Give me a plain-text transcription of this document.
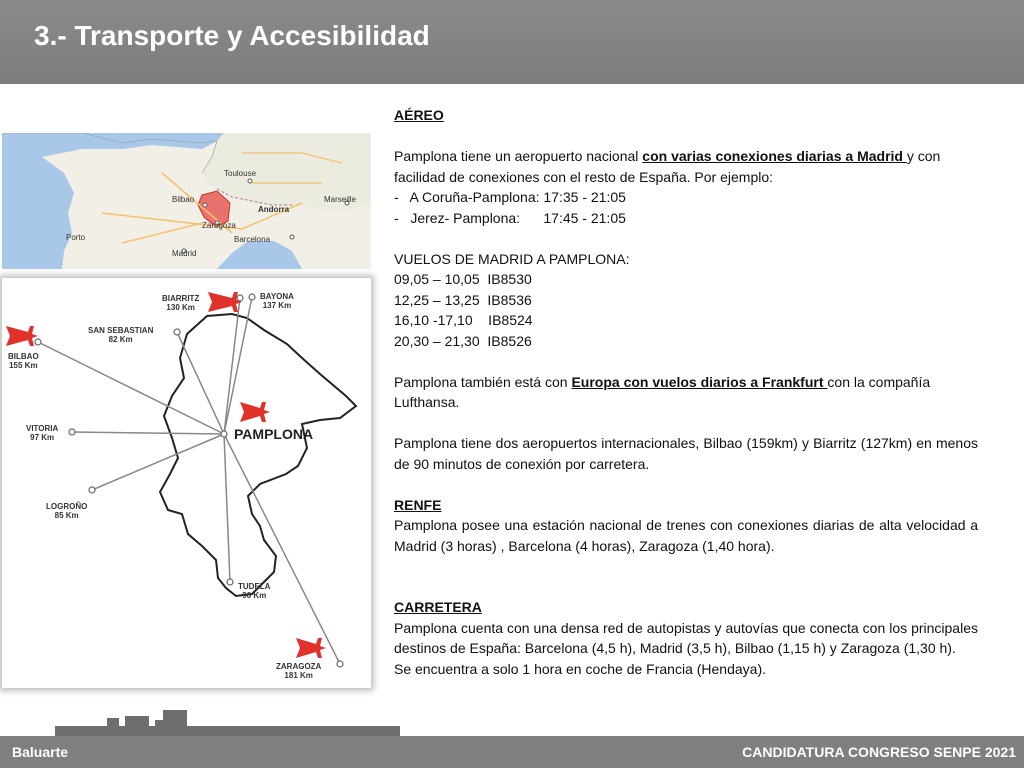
3.- Transporte y Accesibilidad
Toulouse
Bilbao
Andorra
Marseille
Porto
Zaragoza
Barcelona
Madrid
BIARRITZ
130 Km
BAYONA
137 Km
SAN SEBASTIAN
82 Km
BILBAO
155 Km
VITORIA
97 Km
LOGROÑO
85 Km
TUDELA
96 Km
ZARAGOZA
181 Km
PAMPLONA

AÉREO

Pamplona tiene un aeropuerto nacional con varias conexiones diarias a Madrid y con facilidad de conexiones con el resto de España. Por ejemplo:

-   A Coruña-Pamplona: 17:35 - 21:05

-   Jerez- Pamplona:      17:45 - 21:05

VUELOS DE MADRID A PAMPLONA:

09,05 – 10,05  IB8530

12,25 – 13,25  IB8536

16,10 -17,10    IB8524

20,30 – 21,30  IB8526

Pamplona también está con Europa con vuelos diarios a Frankfurt con la compañía Lufthansa.

Pamplona tiene dos aeropuertos internacionales, Bilbao (159km) y Biarritz (127km) en menos de 90 minutos de conexión por carretera.

RENFE

Pamplona posee una estación nacional de trenes con conexiones diarias de alta velocidad a Madrid (3 horas) , Barcelona (4 horas), Zaragoza (1,40 hora).

CARRETERA

Pamplona cuenta con una densa red de autopistas y autovías que conecta con los principales destinos de España: Barcelona (4,5 h), Madrid (3,5 h), Bilbao (1,15 h) y Zaragoza (1,30 h).

Se encuentra a solo 1 hora en coche de Francia (Hendaya).

Baluarte	CANDIDATURA CONGRESO SENPE 2021
